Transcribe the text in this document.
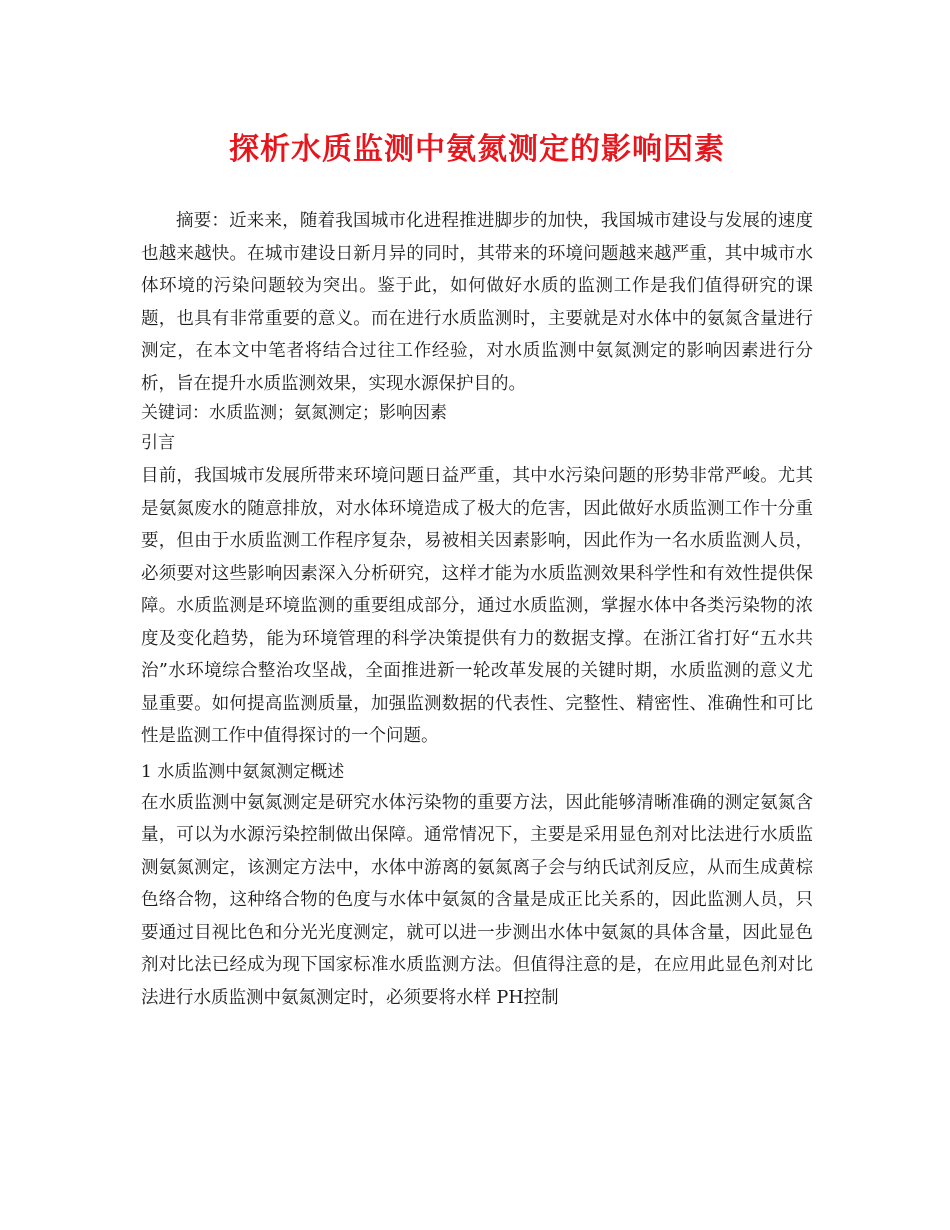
探析水质监测中氨氮测定的影响因素

摘要：近来来，随着我国城市化进程推进脚步的加快，我国城市建设与发展的速度也越来越快。在城市建设日新月异的同时，其带来的环境问题越来越严重，其中城市水体环境的污染问题较为突出。鉴于此，如何做好水质的监测工作是我们值得研究的课题，也具有非常重要的意义。而在进行水质监测时，主要就是对水体中的氨氮含量进行测定，在本文中笔者将结合过往工作经验，对水质监测中氨氮测定的影响因素进行分析，旨在提升水质监测效果，实现水源保护目的。

关键词：水质监测；氨氮测定；影响因素

引言

目前，我国城市发展所带来环境问题日益严重，其中水污染问题的形势非常严峻。尤其是氨氮废水的随意排放，对水体环境造成了极大的危害，因此做好水质监测工作十分重要，但由于水质监测工作程序复杂，易被相关因素影响，因此作为一名水质监测人员，必须要对这些影响因素深入分析研究，这样才能为水质监测效果科学性和有效性提供保障。水质监测是环境监测的重要组成部分，通过水质监测，掌握水体中各类污染物的浓度及变化趋势，能为环境管理的科学决策提供有力的数据支撑。在浙江省打好“五水共治”水环境综合整治攻坚战，全面推进新一轮改革发展的关键时期，水质监测的意义尤显重要。如何提高监测质量，加强监测数据的代表性、完整性、精密性、准确性和可比性是监测工作中值得探讨的一个问题。

1 水质监测中氨氮测定概述

在水质监测中氨氮测定是研究水体污染物的重要方法，因此能够清晰准确的测定氨氮含量，可以为水源污染控制做出保障。通常情况下，主要是采用显色剂对比法进行水质监测氨氮测定，该测定方法中，水体中游离的氨氮离子会与纳氏试剂反应，从而生成黄棕色络合物，这种络合物的色度与水体中氨氮的含量是成正比关系的，因此监测人员，只要通过目视比色和分光光度测定，就可以进一步测出水体中氨氮的具体含量，因此显色剂对比法已经成为现下国家标准水质监测方法。但值得注意的是，在应用此显色剂对比法进行水质监测中氨氮测定时，必须要将水样 PH控制
